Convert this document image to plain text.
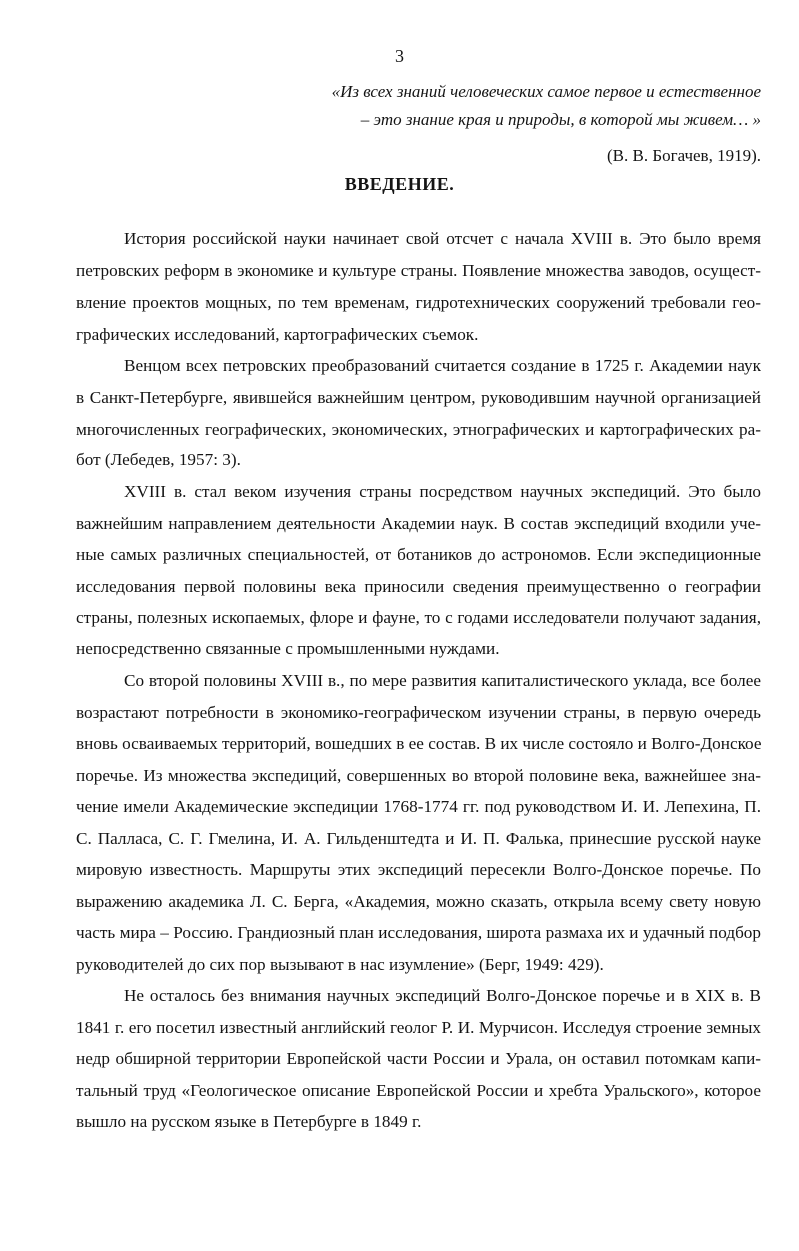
3
«Из всех знаний человеческих самое первое и естественное
– это знание края и природы, в которой мы живем… »
(В. В. Богачев, 1919).
ВВЕДЕНИЕ.
История российской науки начинает свой отсчет с начала XVIII в. Это было время
петровских реформ в экономике и культуре страны. Появление множества заводов, осущест-
вление проектов мощных, по тем временам, гидротехнических сооружений требовали гео-
графических исследований, картографических съемок.
Венцом всех петровских преобразований считается создание в 1725 г. Академии наук
в Санкт-Петербурге, явившейся важнейшим центром, руководившим научной организацией
многочисленных географических, экономических, этнографических и картографических ра-
бот (Лебедев, 1957: 3).
XVIII в. стал веком изучения страны посредством научных экспедиций. Это было
важнейшим направлением деятельности Академии наук. В состав экспедиций входили уче-
ные самых различных специальностей, от ботаников до астрономов. Если экспедиционные
исследования первой половины века приносили сведения преимущественно о географии
страны, полезных ископаемых, флоре и фауне, то с годами исследователи получают задания,
непосредственно связанные с промышленными нуждами.
Со второй половины XVIII в., по мере развития капиталистического уклада, все более
возрастают потребности в экономико-географическом изучении страны, в первую очередь
вновь осваиваемых территорий, вошедших в ее состав. В их числе состояло и Волго-Донское
поречье. Из множества экспедиций, совершенных во второй половине века, важнейшее зна-
чение имели Академические экспедиции 1768-1774 гг. под руководством И. И. Лепехина, П.
С. Палласа, С. Г. Гмелина, И. А. Гильденштедта и И. П. Фалька, принесшие русской науке
мировую известность. Маршруты этих экспедиций пересекли Волго-Донское поречье. По
выражению академика Л. С. Берга, «Академия, можно сказать, открыла всему свету новую
часть мира – Россию. Грандиозный план исследования, широта размаха их и удачный подбор
руководителей до сих пор вызывают в нас изумление» (Берг, 1949: 429).
Не осталось без внимания научных экспедиций Волго-Донское поречье и в XIX в. В
1841 г. его посетил известный английский геолог Р. И. Мурчисон. Исследуя строение земных
недр обширной территории Европейской части России и Урала, он оставил потомкам капи-
тальный труд «Геологическое описание Европейской России и хребта Уральского», которое
вышло на русском языке в Петербурге в 1849 г.
